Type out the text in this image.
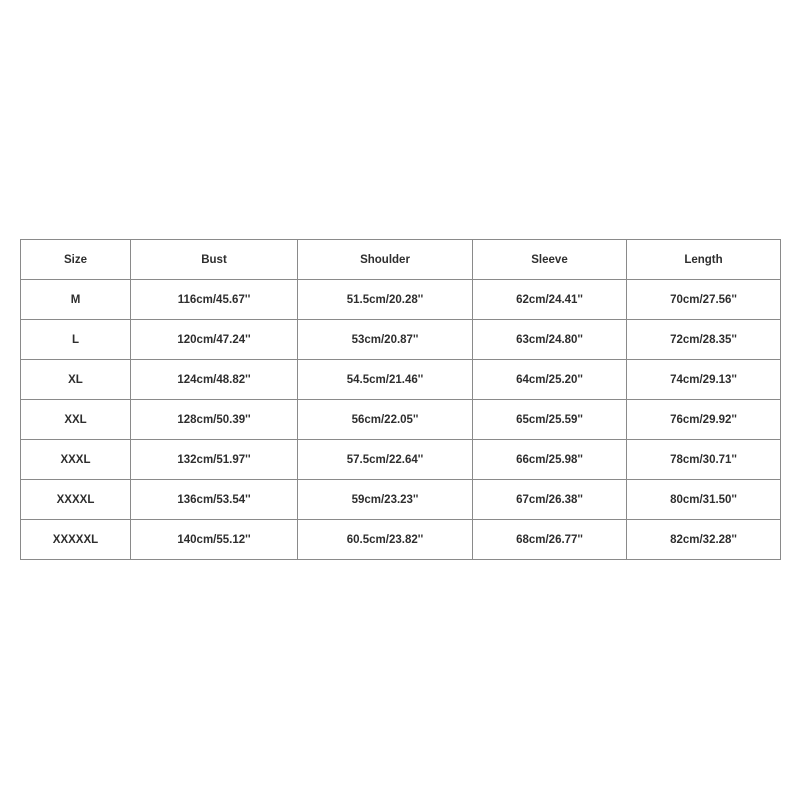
Size	Bust	Shoulder	Sleeve	Length
M	116cm/45.67''	51.5cm/20.28''	62cm/24.41''	70cm/27.56''
L	120cm/47.24''	53cm/20.87''	63cm/24.80''	72cm/28.35''
XL	124cm/48.82''	54.5cm/21.46''	64cm/25.20''	74cm/29.13''
XXL	128cm/50.39''	56cm/22.05''	65cm/25.59''	76cm/29.92''
XXXL	132cm/51.97''	57.5cm/22.64''	66cm/25.98''	78cm/30.71''
XXXXL	136cm/53.54''	59cm/23.23''	67cm/26.38''	80cm/31.50''
XXXXXL	140cm/55.12''	60.5cm/23.82''	68cm/26.77''	82cm/32.28''
